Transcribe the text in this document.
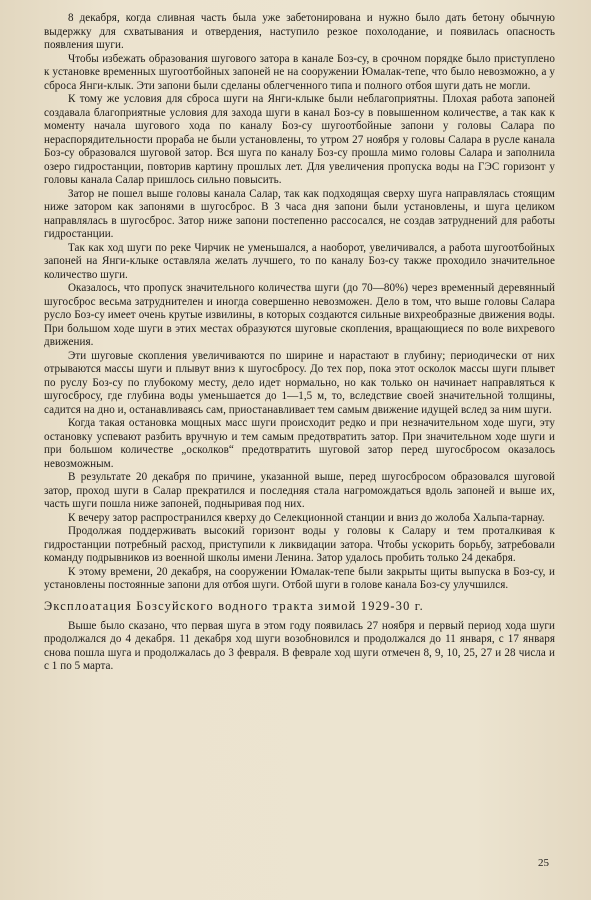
8 декабря, когда сливная часть была уже забетонирована и нужно было дать бетону обычную выдержку для схватывания и отвердения, наступило резкое похолодание, и появилась опасность появления шуги.

Чтобы избежать образования шугового затора в канале Боз-су, в срочном порядке было приступлено к установке временных шугоотбойных запоней не на сооружении Юмалак-тепе, что было невозможно, а у сброса Янги-клык. Эти запони были сделаны облегченного типа и полного отбоя шуги дать не могли.

К тому же условия для сброса шуги на Янги-клыке были неблагоприятны. Плохая работа запоней создавала благоприятные условия для захода шуги в канал Боз-су в повышенном количестве, а так как к моменту начала шугового хода по каналу Боз-су шугоотбойные запони у головы Салара по нераспорядительности прораба не были установлены, то утром 27 ноября у головы Салара в русле канала Боз-су образовался шуговой затор. Вся шуга по каналу Боз-су прошла мимо головы Салара и заполнила озеро гидростанции, повторив картину прошлых лет. Для увеличения пропуска воды на ГЭС горизонт у головы канала Салар пришлось сильно повысить.

Затор не пошел выше головы канала Салар, так как подходящая сверху шуга направлялась стоящим ниже затором как запонями в шугосброс. В 3 часа дня запони были установлены, и шуга целиком направлялась в шугосброс. Затор ниже запони постепенно рассосался, не создав затруднений для работы гидростанции.

Так как ход шуги по реке Чирчик не уменьшался, а наоборот, увеличивался, а работа шугоотбойных запоней на Янги-клыке оставляла желать лучшего, то по каналу Боз-су также проходило значительное количество шуги.

Оказалось, что пропуск значительного количества шуги (до 70—80%) через временный деревянный шугосброс весьма затруднителен и иногда совершенно невозможен. Дело в том, что выше головы Салара русло Боз-су имеет очень крутые извилины, в которых создаются сильные вихреобразные движения воды. При большом ходе шуги в этих местах образуются шуговые скопления, вращающиеся по воле вихревого движения.

Эти шуговые скопления увеличиваются по ширине и нарастают в глубину; периодически от них отрываются массы шуги и плывут вниз к шугосбросу. До тех пор, пока этот осколок массы шуги плывет по руслу Боз-су по глубокому месту, дело идет нормально, но как только он начинает направляться к шугосбросу, где глубина воды уменьшается до 1—1,5 м, то, вследствие своей значительной толщины, садится на дно и, останавливаясь сам, приостанавливает тем самым движение идущей вслед за ним шуги.

Когда такая остановка мощных масс шуги происходит редко и при незначительном ходе шуги, эту остановку успевают разбить вручную и тем самым предотвратить затор. При значительном ходе шуги и при большом количестве „осколков“ предотвратить шуговой затор перед шугосбросом оказалось невозможным.

В результате 20 декабря по причине, указанной выше, перед шугосбросом образовался шуговой затор, проход шуги в Салар прекратился и последняя стала нагромождаться вдоль запоней и выше их, часть шуги пошла ниже запоней, подныривая под них.

К вечеру затор распространился кверху до Селекционной станции и вниз до жолоба Хальпа-тарнау.

Продолжая поддерживать высокий горизонт воды у головы к Салару и тем проталкивая к гидростанции потребный расход, приступили к ликвидации затора. Чтобы ускорить борьбу, затребовали команду подрывников из военной школы имени Ленина. Затор удалось пробить только 24 декабря.

К этому времени, 20 декабря, на сооружении Юмалак-тепе были закрыты щиты выпуска в Боз-су, и установлены постоянные запони для отбоя шуги. Отбой шуги в голове канала Боз-су улучшился.

Эксплоатация Бозсуйского водного тракта зимой 1929-30 г.

Выше было сказано, что первая шуга в этом году появилась 27 ноября и первый период хода шуги продолжался до 4 декабря. 11 декабря ход шуги возобновился и продолжался до 11 января, с 17 января снова пошла шуга и продолжалась до 3 февраля. В феврале ход шуги отмечен 8, 9, 10, 25, 27 и 28 числа и с 1 по 5 марта.

25
